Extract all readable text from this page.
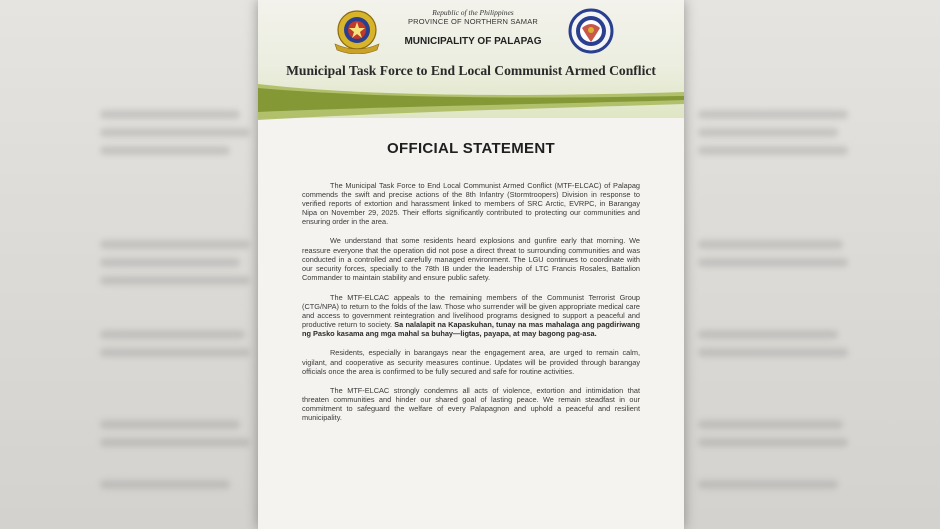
Republic of the Philippines
PROVINCE OF NORTHERN SAMAR
MUNICIPALITY OF PALAPAG
Municipal Task Force to End Local Communist Armed Conflict
OFFICIAL STATEMENT

The Municipal Task Force to End Local Communist Armed Conflict (MTF-ELCAC) of Palapag commends the swift and precise actions of the 8th Infantry (Stormtroopers) Division in response to verified reports of extortion and harassment linked to members of SRC Arctic, EVRPC, in Barangay Nipa on November 29, 2025. Their efforts significantly contributed to protecting our communities and ensuring order in the area.

We understand that some residents heard explosions and gunfire early that morning. We reassure everyone that the operation did not pose a direct threat to surrounding communities and was conducted in a controlled and carefully managed environment. The LGU continues to coordinate with our security forces, specially to the 78th IB under the leadership of LTC Francis Rosales, Battalion Commander to maintain stability and ensure public safety.

The MTF-ELCAC appeals to the remaining members of the Communist Terrorist Group (CTG/NPA) to return to the folds of the law. Those who surrender will be given appropriate medical care and access to government reintegration and livelihood programs designed to support a peaceful and productive return to society. Sa nalalapit na Kapaskuhan, tunay na mas mahalaga ang pagdiriwang ng Pasko kasama ang mga mahal sa buhay—ligtas, payapa, at may bagong pag-asa.

Residents, especially in barangays near the engagement area, are urged to remain calm, vigilant, and cooperative as security measures continue. Updates will be provided through barangay officials once the area is confirmed to be fully secured and safe for routine activities.

The MTF-ELCAC strongly condemns all acts of violence, extortion and intimidation that threaten communities and hinder our shared goal of lasting peace. We remain steadfast in our commitment to safeguard the welfare of every Palapagnon and uphold a peaceful and resilient municipality.
